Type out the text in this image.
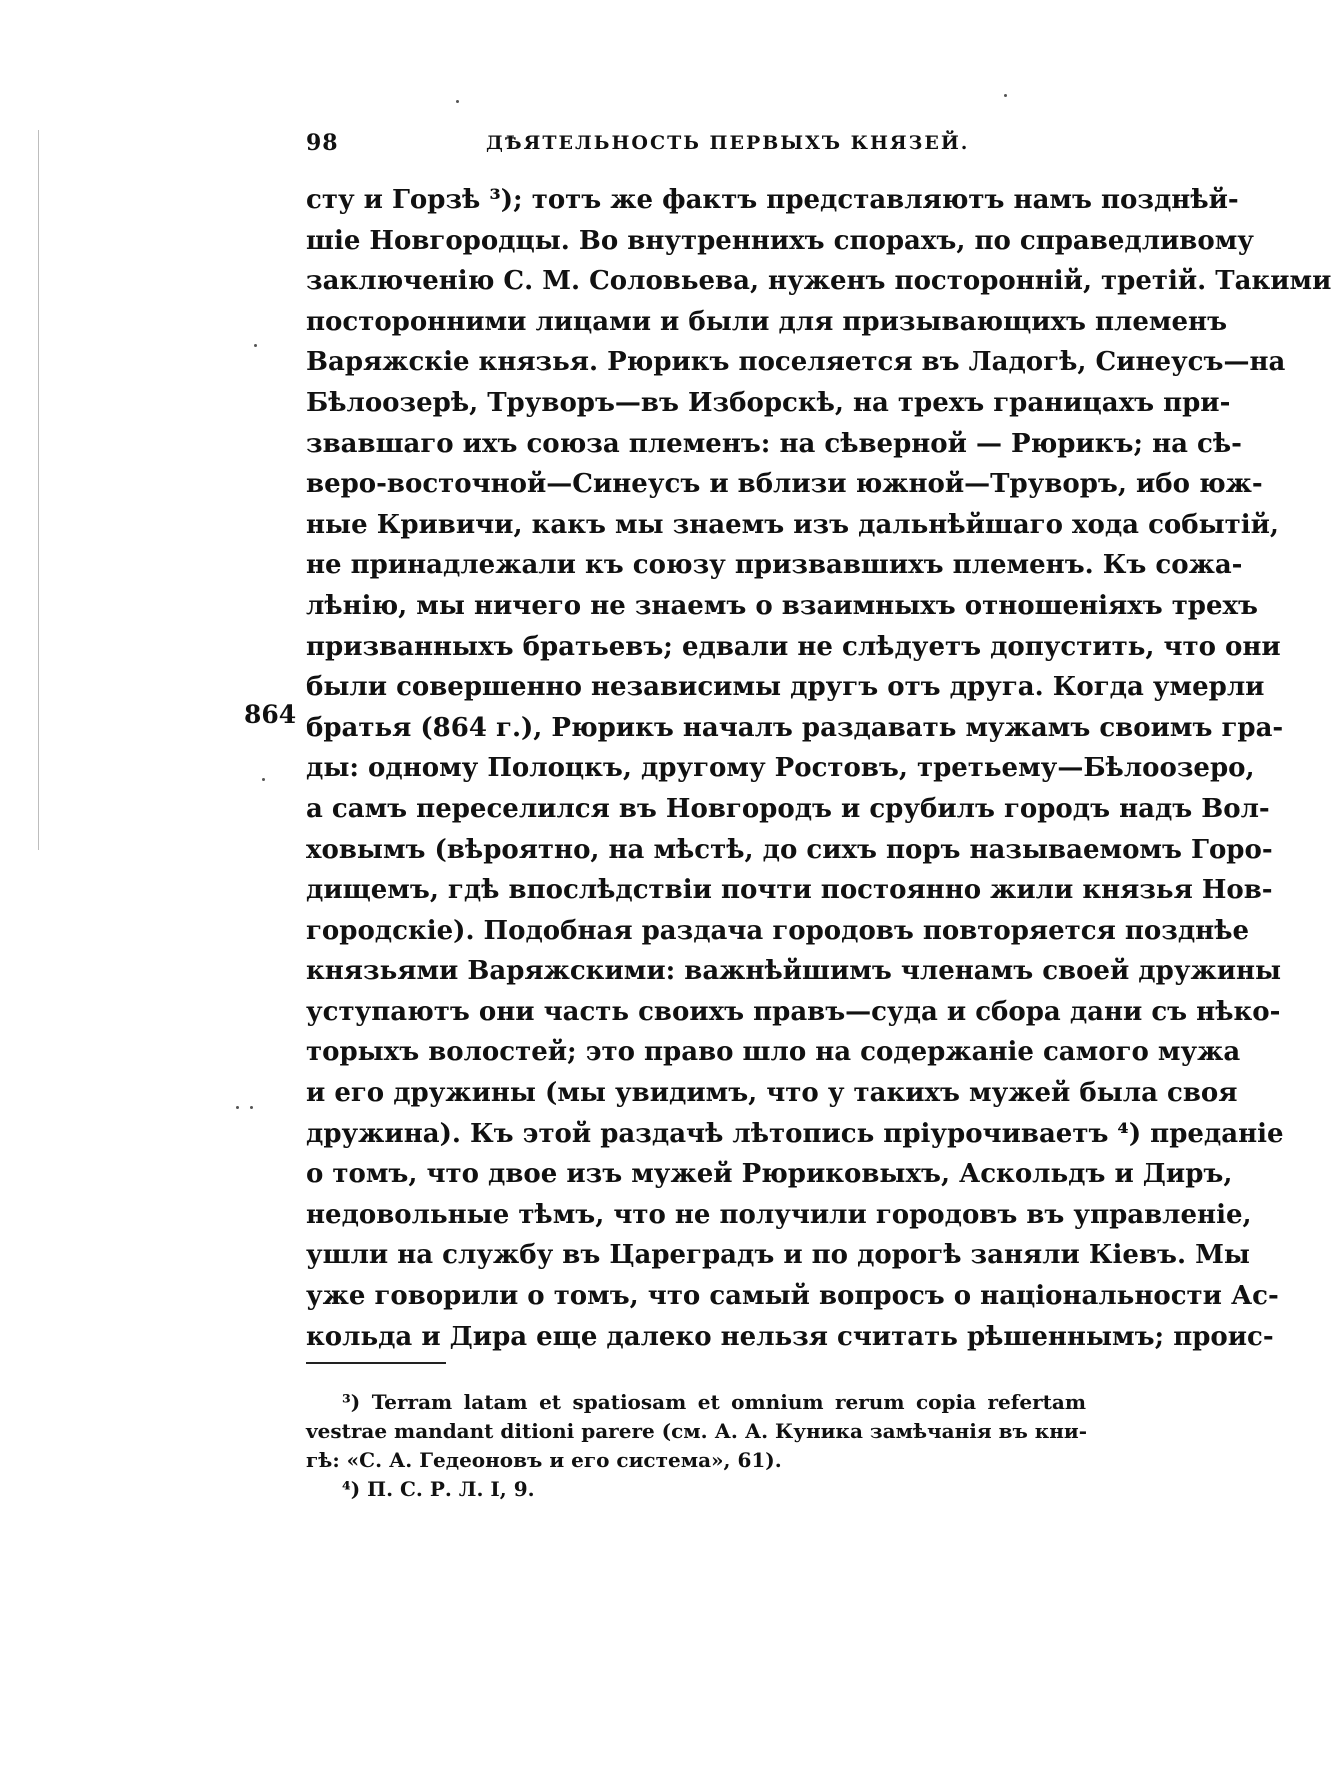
98	ДѢЯТЕЛЬНОСТЬ ПЕРВЫХЪ КНЯЗЕЙ.
864
сту и Горзѣ ³); тотъ же фактъ представляютъ намъ позднѣй-
шіе Новгородцы. Во внутреннихъ спорахъ, по справедливому
заключенію С. М. Соловьева, нуженъ посторонній, третій. Такими
посторонними лицами и были для призывающихъ племенъ
Варяжскіе князья. Рюрикъ поселяется въ Ладогѣ, Синеусъ—на
Бѣлоозерѣ, Труворъ—въ Изборскѣ, на трехъ границахъ при-
звавшаго ихъ союза племенъ: на сѣверной — Рюрикъ; на сѣ-
веро-восточной—Синеусъ и вблизи южной—Труворъ, ибо юж-
ные Кривичи, какъ мы знаемъ изъ дальнѣйшаго хода событій,
не принадлежали къ союзу призвавшихъ племенъ. Къ сожа-
лѣнію, мы ничего не знаемъ о взаимныхъ отношеніяхъ трехъ
призванныхъ братьевъ; едвали не слѣдуетъ допустить, что они
были совершенно независимы другъ отъ друга. Когда умерли
братья (864 г.), Рюрикъ началъ раздавать мужамъ своимъ гра-
ды: одному Полоцкъ, другому Ростовъ, третьему—Бѣлоозеро,
а самъ переселился въ Новгородъ и срубилъ городъ надъ Вол-
ховымъ (вѣроятно, на мѣстѣ, до сихъ поръ называемомъ Горо-
дищемъ, гдѣ впослѣдствіи почти постоянно жили князья Нов-
городскіе). Подобная раздача городовъ повторяется позднѣе
князьями Варяжскими: важнѣйшимъ членамъ своей дружины
уступаютъ они часть своихъ правъ—суда и сбора дани съ нѣко-
торыхъ волостей; это право шло на содержаніе самого мужа
и его дружины (мы увидимъ, что у такихъ мужей была своя
дружина). Къ этой раздачѣ лѣтопись пріурочиваетъ ⁴) преданіе
о томъ, что двое изъ мужей Рюриковыхъ, Аскольдъ и Диръ,
недовольные тѣмъ, что не получили городовъ въ управленіе,
ушли на службу въ Цареградъ и по дорогѣ заняли Кіевъ. Мы
уже говорили о томъ, что самый вопросъ о національности Ас-
кольда и Дира еще далеко нельзя считать рѣшеннымъ; проис-
³) Terram latam et spatiosam et omnium rerum copia refertam
vestrae mandant ditioni parere (см. А. А. Куника замѣчанія въ кни-
гѣ: «С. А. Гедеоновъ и его система», 61).
⁴) П. С. Р. Л. I, 9.
